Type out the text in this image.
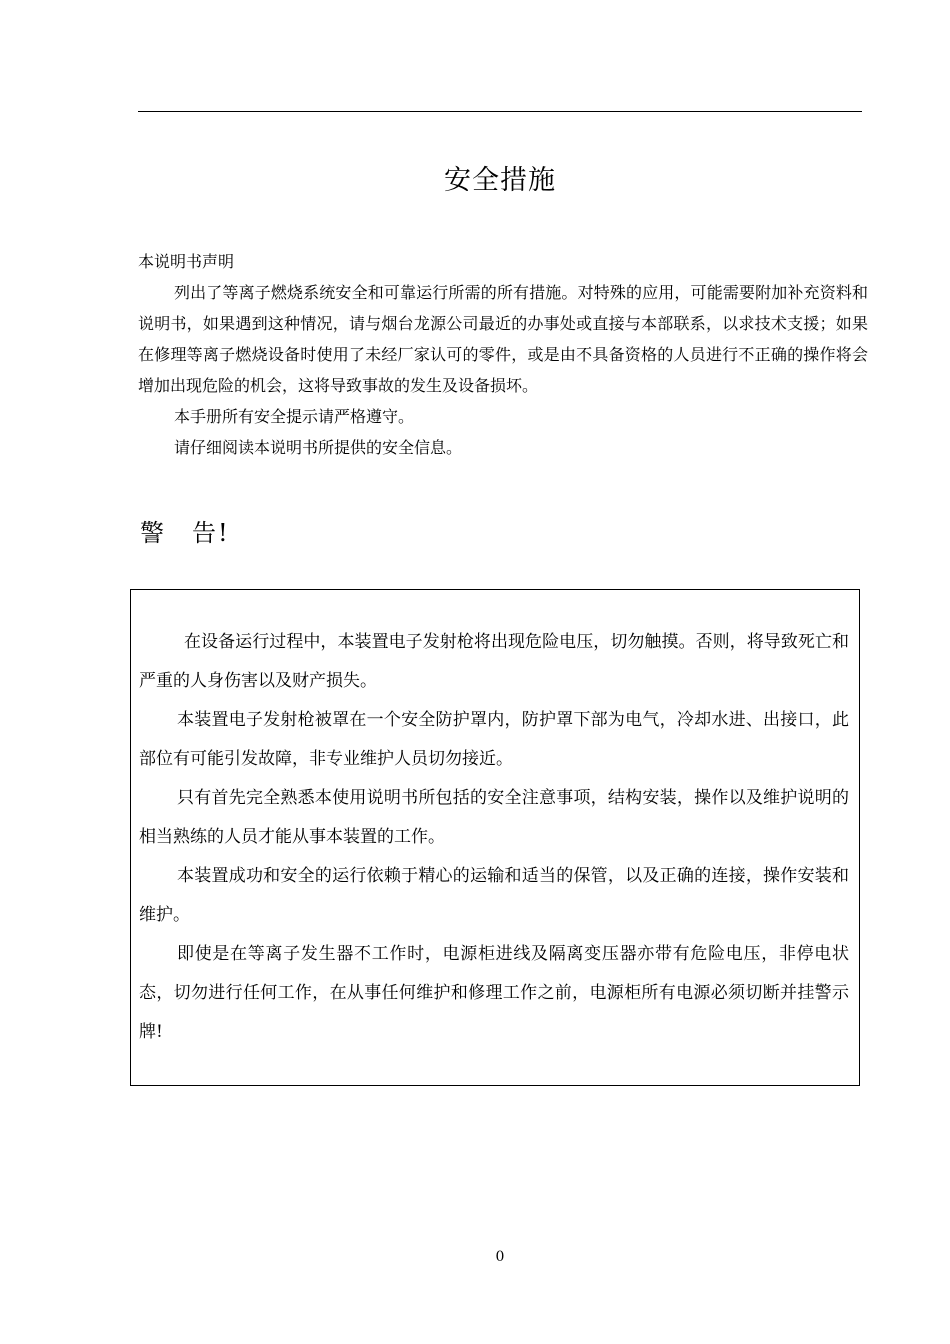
安全措施

本说明书声明

列出了等离子燃烧系统安全和可靠运行所需的所有措施。对特殊的应用，可能需要附加补充资料和说明书，如果遇到这种情况，请与烟台龙源公司最近的办事处或直接与本部联系，以求技术支援；如果在修理等离子燃烧设备时使用了未经厂家认可的零件，或是由不具备资格的人员进行不正确的操作将会增加出现危险的机会，这将导致事故的发生及设备损坏。

本手册所有安全提示请严格遵守。

请仔细阅读本说明书所提供的安全信息。

警 告!

在设备运行过程中，本装置电子发射枪将出现危险电压，切勿触摸。否则，将导致死亡和严重的人身伤害以及财产损失。

本装置电子发射枪被罩在一个安全防护罩内，防护罩下部为电气，冷却水进、出接口，此部位有可能引发故障，非专业维护人员切勿接近。

只有首先完全熟悉本使用说明书所包括的安全注意事项，结构安装，操作以及维护说明的相当熟练的人员才能从事本装置的工作。

本装置成功和安全的运行依赖于精心的运输和适当的保管，以及正确的连接，操作安装和维护。

即使是在等离子发生器不工作时，电源柜进线及隔离变压器亦带有危险电压，非停电状态，切勿进行任何工作，在从事任何维护和修理工作之前，电源柜所有电源必须切断并挂警示牌!

0
